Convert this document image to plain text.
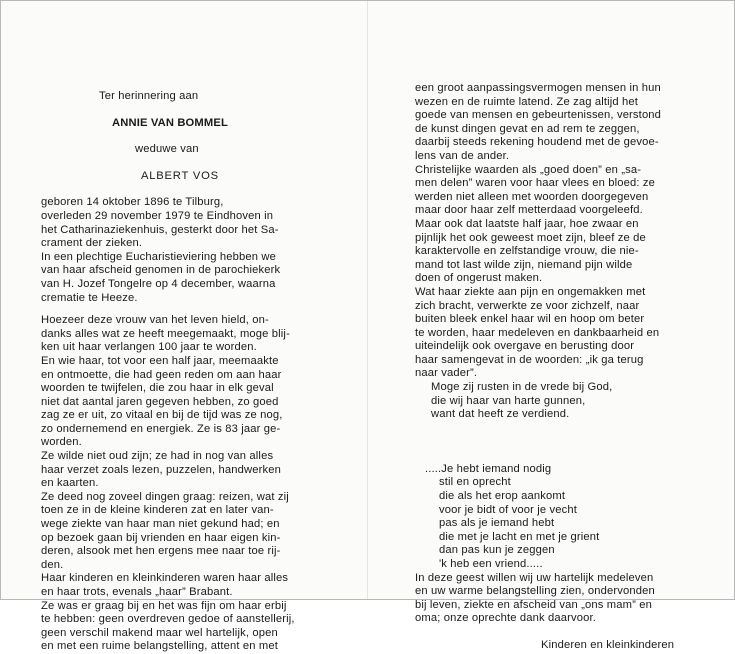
Ter herinnering aan
ANNIE VAN BOMMEL
weduwe van
ALBERT VOS
geboren 14 oktober 1896 te Tilburg,
overleden 29 november 1979 te Eindhoven in
het Catharinaziekenhuis, gesterkt door het Sa-
crament der zieken.
In een plechtige Eucharistieviering hebben we
van haar afscheid genomen in de parochiekerk
van H. Jozef Tongelre op 4 december, waarna
crematie te Heeze.
Hoezeer deze vrouw van het leven hield, on-
danks alles wat ze heeft meegemaakt, moge blij-
ken uit haar verlangen 100 jaar te worden.
En wie haar, tot voor een half jaar, meemaakte
en ontmoette, die had geen reden om aan haar
woorden te twijfelen, die zou haar in elk geval
niet dat aantal jaren gegeven hebben, zo goed
zag ze er uit, zo vitaal en bij de tijd was ze nog,
zo ondernemend en energiek. Ze is 83 jaar ge-
worden.
Ze wilde niet oud zijn; ze had in nog van alles
haar verzet zoals lezen, puzzelen, handwerken
en kaarten.
Ze deed nog zoveel dingen graag: reizen, wat zij
toen ze in de kleine kinderen zat en later van-
wege ziekte van haar man niet gekund had; en
op bezoek gaan bij vrienden en haar eigen kin-
deren, alsook met hen ergens mee naar toe rij-
den.
Haar kinderen en kleinkinderen waren haar alles
en haar trots, evenals „haar” Brabant.
Ze was er graag bij en het was fijn om haar erbij
te hebben: geen overdreven gedoe of aanstellerij,
geen verschil makend maar wel hartelijk, open
en met een ruime belangstelling, attent en met
een groot aanpassingsvermogen mensen in hun
wezen en de ruimte latend. Ze zag altijd het
goede van mensen en gebeurtenissen, verstond
de kunst dingen gevat en ad rem te zeggen,
daarbij steeds rekening houdend met de gevoe-
lens van de ander.
Christelijke waarden als „goed doen” en „sa-
men delen” waren voor haar vlees en bloed: ze
werden niet alleen met woorden doorgegeven
maar door haar zelf metterdaad voorgeleefd.
Maar ook dat laatste half jaar, hoe zwaar en
pijnlijk het ook geweest moet zijn, bleef ze de
karaktervolle en zelfstandige vrouw, die nie-
mand tot last wilde zijn, niemand pijn wilde
doen of ongerust maken.
Wat haar ziekte aan pijn en ongemakken met
zich bracht, verwerkte ze voor zichzelf, naar
buiten bleek enkel haar wil en hoop om beter
te worden, haar medeleven en dankbaarheid en
uiteindelijk ook overgave en berusting door
haar samengevat in de woorden: „ik ga terug
naar vader”.
Moge zij rusten in de vrede bij God,
die wij haar van harte gunnen,
want dat heeft ze verdiend.
.....Je hebt iemand nodig
stil en oprecht
die als het erop aankomt
voor je bidt of voor je vecht
pas als je iemand hebt
die met je lacht en met je grient
dan pas kun je zeggen
'k heb een vriend.....
In deze geest willen wij uw hartelijk medeleven
en uw warme belangstelling zien, ondervonden
bij leven, ziekte en afscheid van „ons mam” en
oma; onze oprechte dank daarvoor.
Kinderen en kleinkinderen
